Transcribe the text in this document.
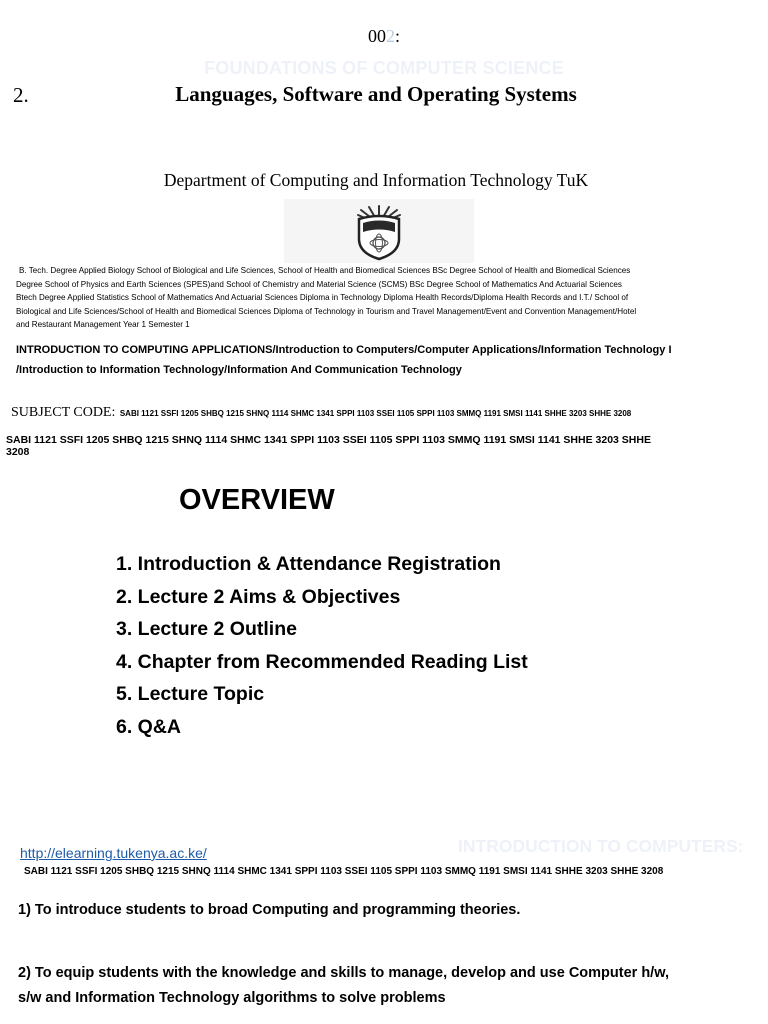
002:
FOUNDATIONS OF COMPUTER SCIENCE
2.	Languages, Software and Operating Systems
Department of Computing and Information Technology TuK
B. Tech. Degree Applied Biology School of Biological and Life Sciences, School of Health and Biomedical Sciences BSc Degree School of Health and Biomedical Sciences
Degree School of Physics and Earth Sciences (SPES)and School of Chemistry and Material Science (SCMS) BSc Degree School of Mathematics And Actuarial Sciences
Btech Degree Applied Statistics School of Mathematics And Actuarial Sciences Diploma in Technology Diploma Health Records/Diploma Health Records and I.T./ School of
Biological and Life Sciences/School of Health and Biomedical Sciences Diploma of Technology in Tourism and Travel Management/Event and Convention Management/Hotel
and Restaurant Management Year 1 Semester 1
INTRODUCTION TO COMPUTING APPLICATIONS/Introduction to Computers/Computer Applications/Information Technology I
/Introduction to Information Technology/Information And Communication Technology
SUBJECT CODE: SABI 1121 SSFI 1205 SHBQ 1215 SHNQ 1114 SHMC 1341 SPPI 1103 SSEI 1105 SPPI 1103 SMMQ 1191 SMSI 1141 SHHE 3203 SHHE 3208
SABI 1121 SSFI 1205 SHBQ 1215 SHNQ 1114 SHMC 1341 SPPI 1103 SSEI 1105 SPPI 1103 SMMQ 1191 SMSI 1141 SHHE 3203 SHHE
3208
OVERVIEW
1. Introduction & Attendance Registration
2. Lecture 2 Aims & Objectives
3. Lecture 2 Outline
4. Chapter from Recommended Reading List
5. Lecture Topic
6. Q&A
INTRODUCTION TO COMPUTERS:
http://elearning.tukenya.ac.ke/
SABI 1121 SSFI 1205 SHBQ 1215 SHNQ 1114 SHMC 1341 SPPI 1103 SSEI 1105 SPPI 1103 SMMQ 1191 SMSI 1141 SHHE 3203 SHHE 3208
1) To introduce students to broad Computing and programming theories.
2) To equip students with the knowledge and skills to manage, develop and use Computer h/w,
s/w and Information Technology algorithms to solve problems
